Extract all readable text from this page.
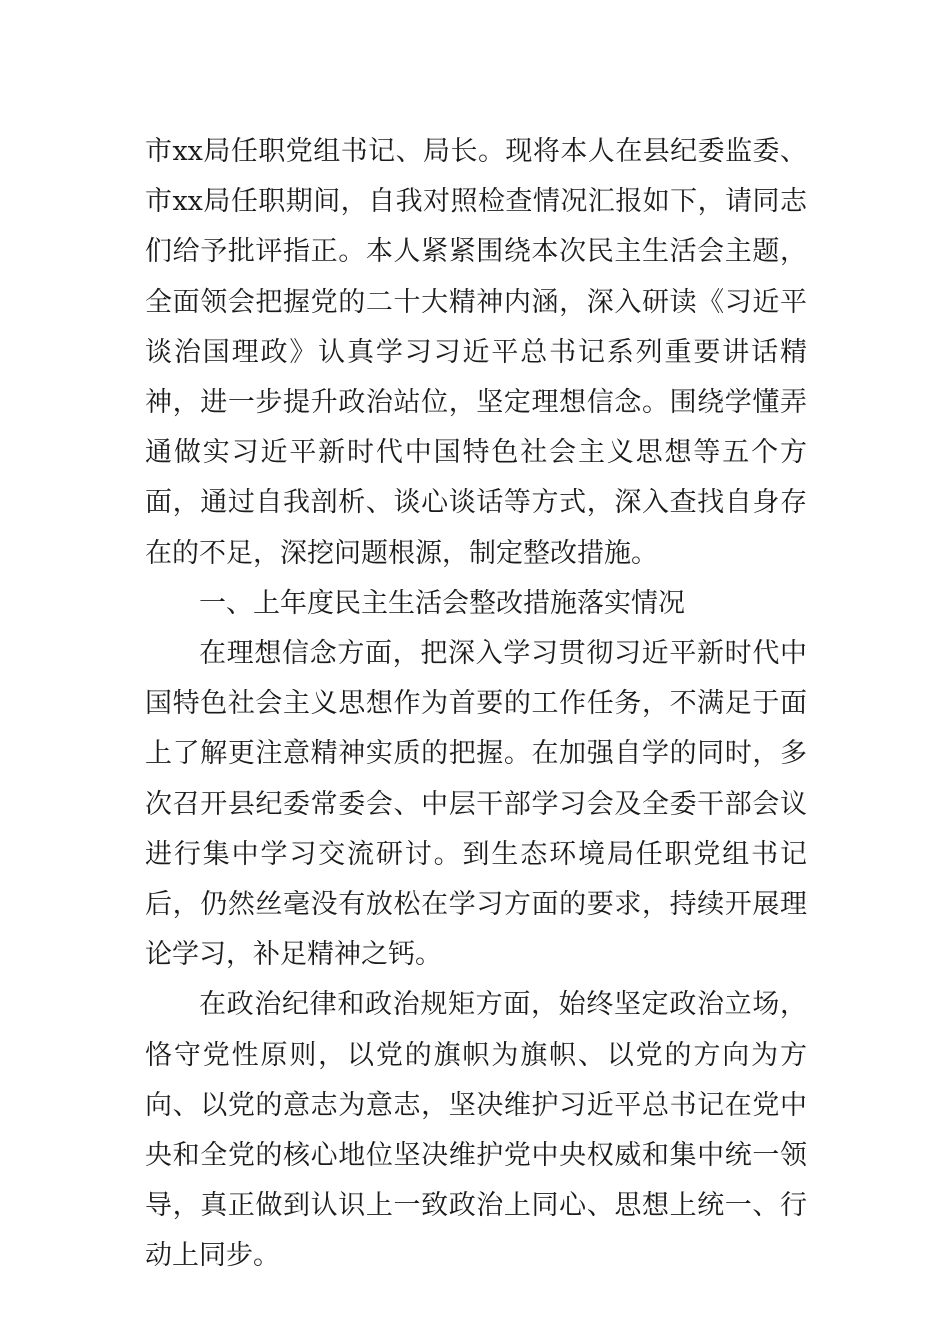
市xx局任职党组书记、局长。现将本人在县纪委监委、市xx局任职期间，自我对照检查情况汇报如下，请同志们给予批评指正。本人紧紧围绕本次民主生活会主题，全面领会把握党的二十大精神内涵，深入研读《习近平谈治国理政》认真学习习近平总书记系列重要讲话精神，进一步提升政治站位，坚定理想信念。围绕学懂弄通做实习近平新时代中国特色社会主义思想等五个方面，通过自我剖析、谈心谈话等方式，深入查找自身存在的不足，深挖问题根源，制定整改措施。

一、上年度民主生活会整改措施落实情况

在理想信念方面，把深入学习贯彻习近平新时代中国特色社会主义思想作为首要的工作任务，不满足于面上了解更注意精神实质的把握。在加强自学的同时，多次召开县纪委常委会、中层干部学习会及全委干部会议进行集中学习交流研讨。到生态环境局任职党组书记后，仍然丝毫没有放松在学习方面的要求，持续开展理论学习，补足精神之钙。

在政治纪律和政治规矩方面，始终坚定政治立场，恪守党性原则，以党的旗帜为旗帜、以党的方向为方向、以党的意志为意志，坚决维护习近平总书记在党中央和全党的核心地位坚决维护党中央权威和集中统一领导，真正做到认识上一致政治上同心、思想上统一、行动上同步。
